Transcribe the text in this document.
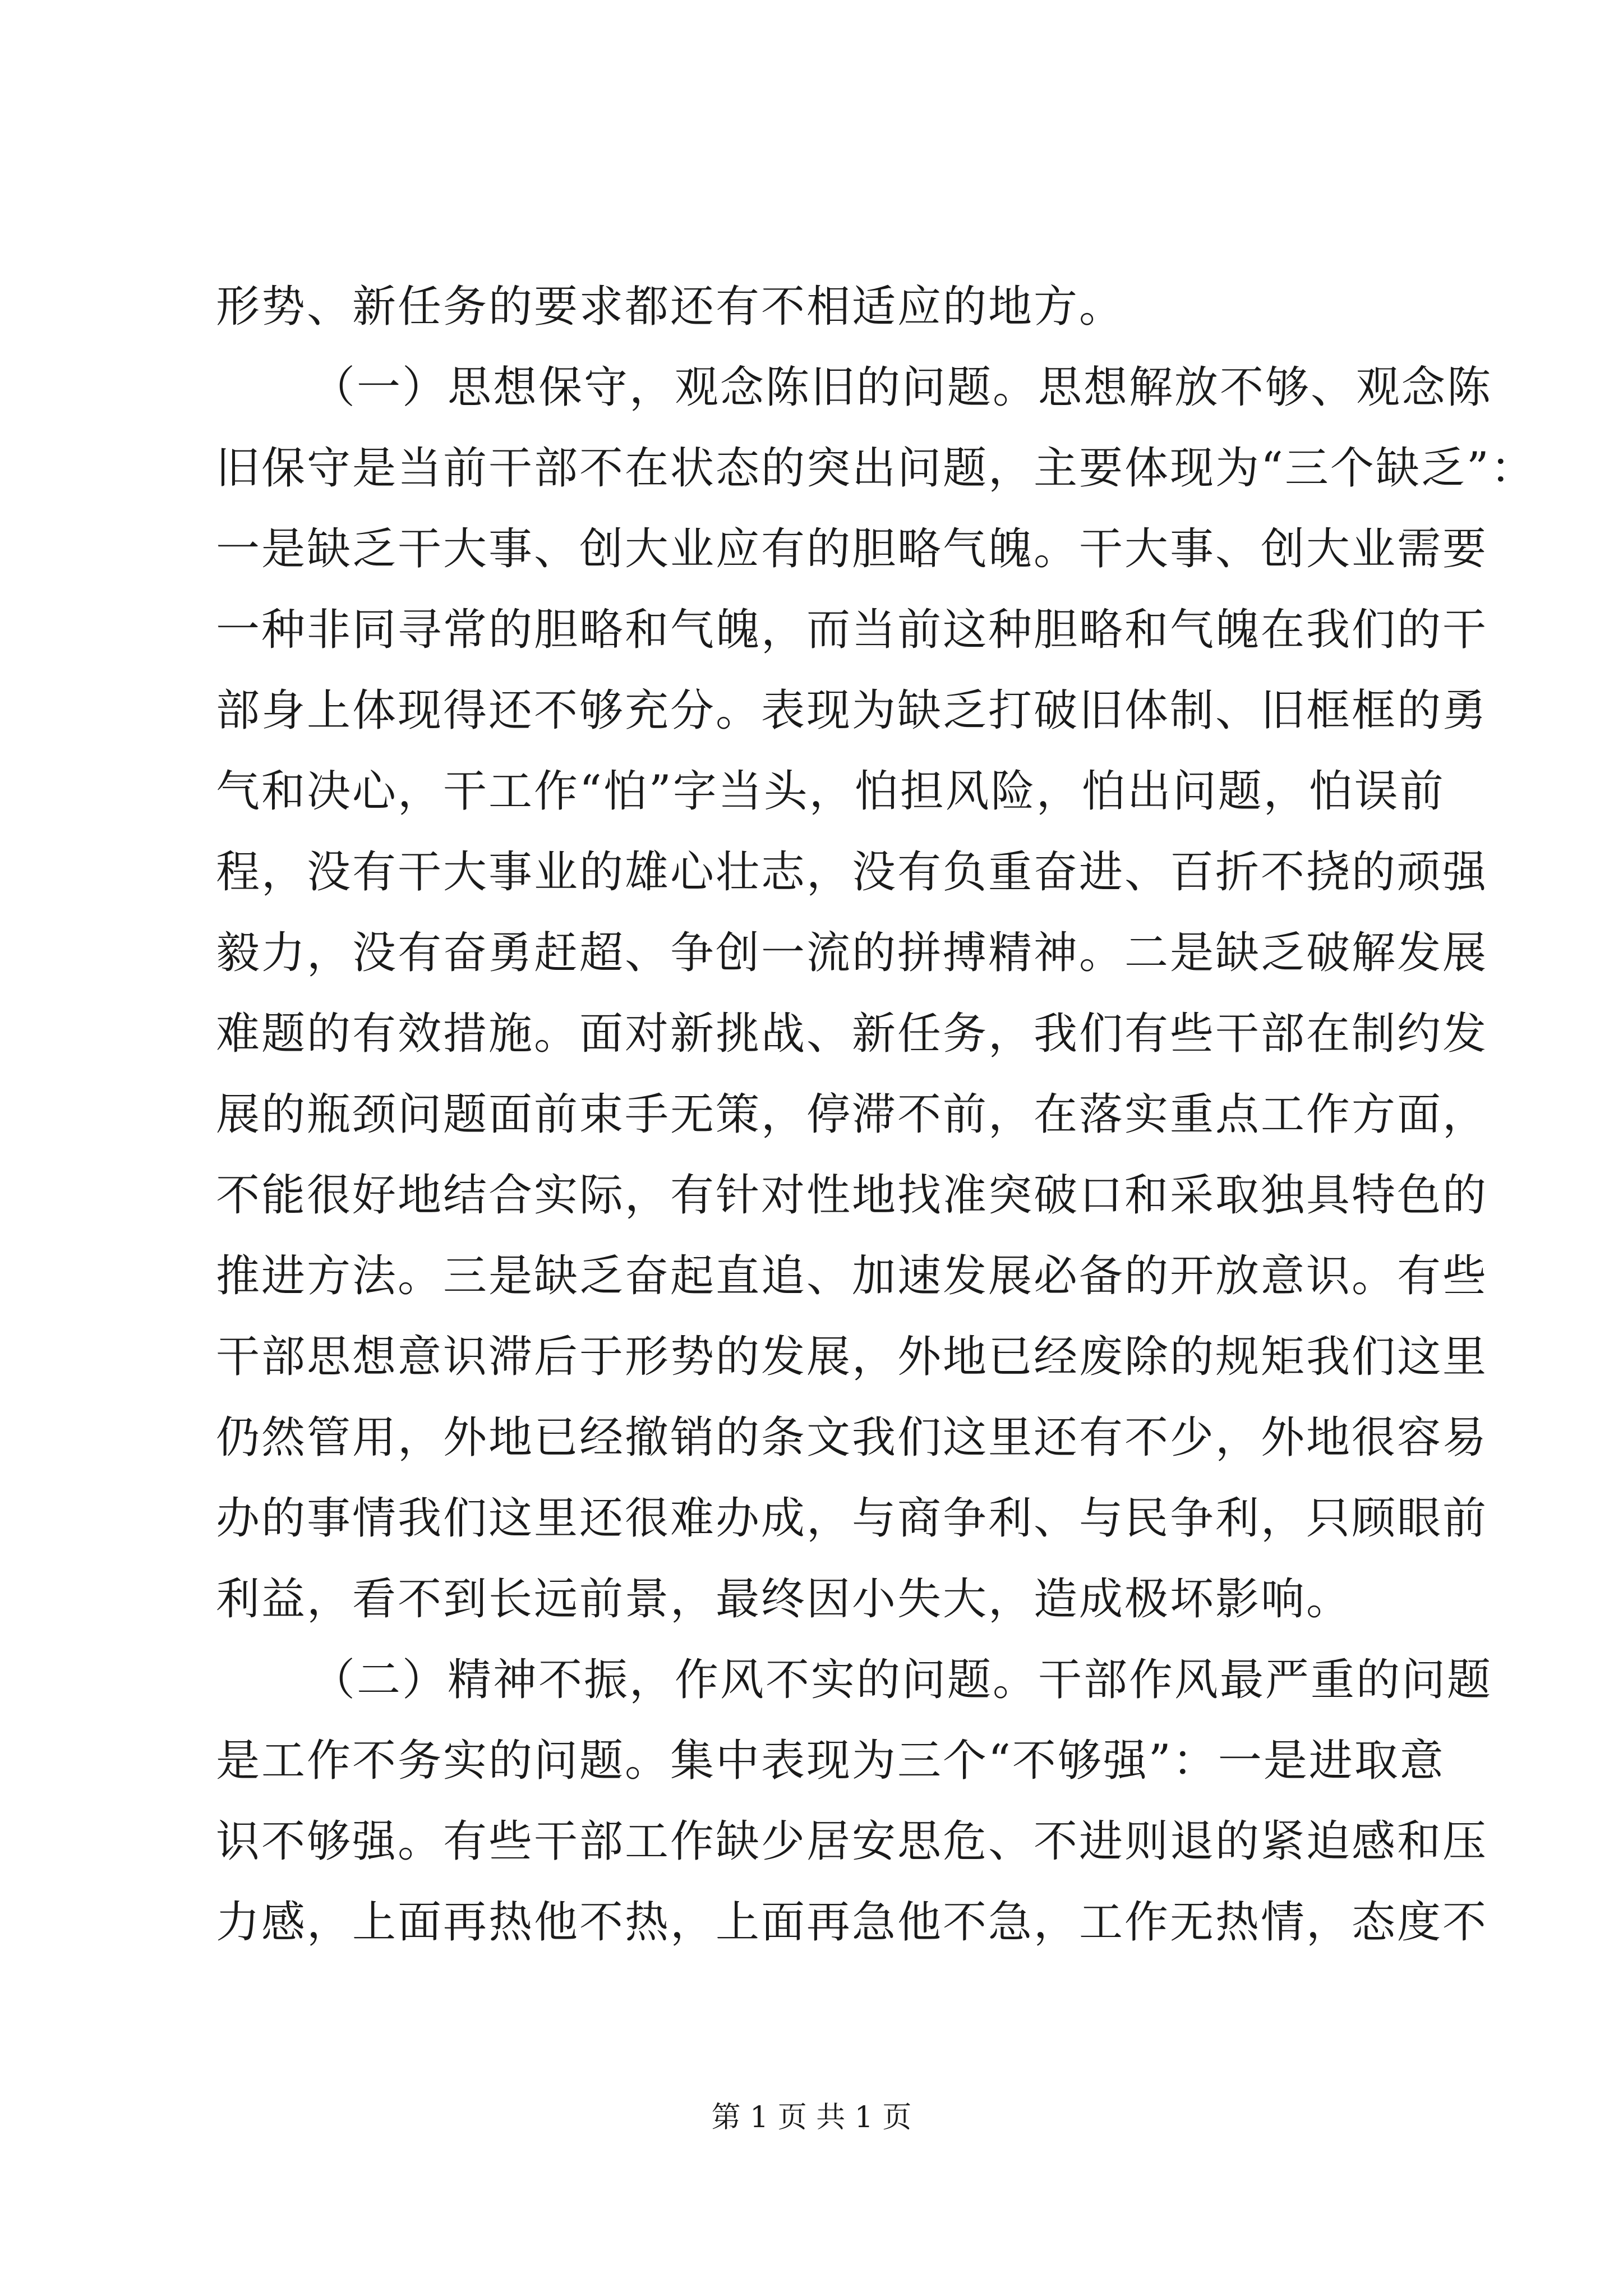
形势、新任务的要求都还有不相适应的地方。
（一）思想保守，观念陈旧的问题。思想解放不够、观念陈
旧保守是当前干部不在状态的突出问题，主要体现为“三个缺乏”：
一是缺乏干大事、创大业应有的胆略气魄。干大事、创大业需要
一种非同寻常的胆略和气魄，而当前这种胆略和气魄在我们的干
部身上体现得还不够充分。表现为缺乏打破旧体制、旧框框的勇
气和决心，干工作“怕”字当头，怕担风险，怕出问题，怕误前
程，没有干大事业的雄心壮志，没有负重奋进、百折不挠的顽强
毅力，没有奋勇赶超、争创一流的拼搏精神。二是缺乏破解发展
难题的有效措施。面对新挑战、新任务，我们有些干部在制约发
展的瓶颈问题面前束手无策，停滞不前，在落实重点工作方面，
不能很好地结合实际，有针对性地找准突破口和采取独具特色的
推进方法。三是缺乏奋起直追、加速发展必备的开放意识。有些
干部思想意识滞后于形势的发展，外地已经废除的规矩我们这里
仍然管用，外地已经撤销的条文我们这里还有不少，外地很容易
办的事情我们这里还很难办成，与商争利、与民争利，只顾眼前
利益，看不到长远前景，最终因小失大，造成极坏影响。
（二）精神不振，作风不实的问题。干部作风最严重的问题
是工作不务实的问题。集中表现为三个“不够强”：一是进取意
识不够强。有些干部工作缺少居安思危、不进则退的紧迫感和压
力感，上面再热他不热，上面再急他不急，工作无热情，态度不
第 1 页 共 1 页
